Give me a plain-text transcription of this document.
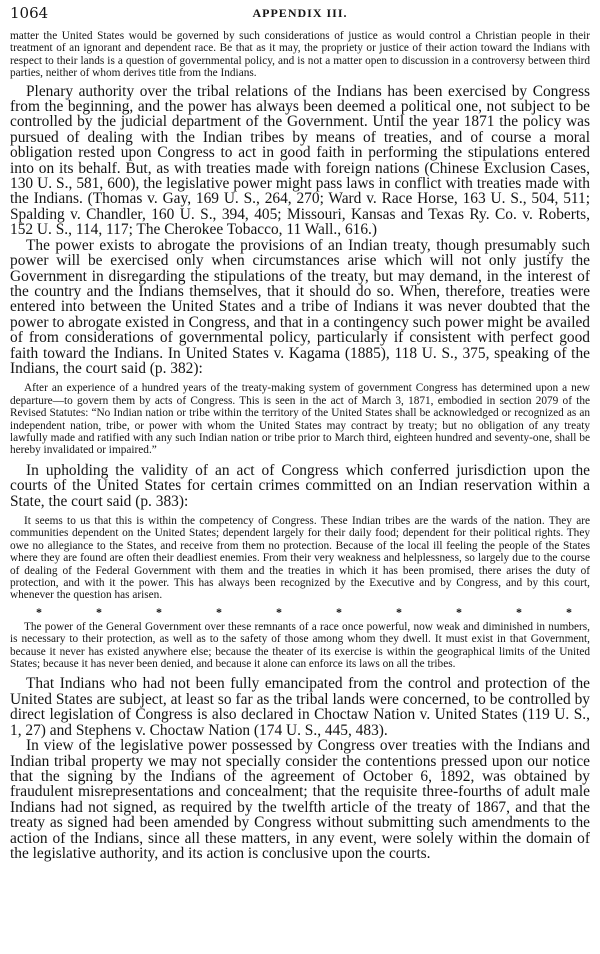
1064	APPENDIX III.

matter the United States would be governed by such considerations of justice as would control a Christian people in their treatment of an ignorant and dependent race. Be that as it may, the propriety or justice of their action toward the Indians with respect to their lands is a question of governmental policy, and is not a matter open to discussion in a controversy between third parties, neither of whom derives title from the Indians.

Plenary authority over the tribal relations of the Indians has been exercised by Congress from the beginning, and the power has always been deemed a political one, not subject to be controlled by the judicial department of the Government. Until the year 1871 the policy was pursued of dealing with the Indian tribes by means of treaties, and of course a moral obligation rested upon Congress to act in good faith in performing the stipulations entered into on its behalf. But, as with treaties made with foreign nations (Chinese Exclusion Cases, 130 U. S., 581, 600), the legislative power might pass laws in conflict with treaties made with the Indians. (Thomas v. Gay, 169 U. S., 264, 270; Ward v. Race Horse, 163 U. S., 504, 511; Spalding v. Chandler, 160 U. S., 394, 405; Missouri, Kansas and Texas Ry. Co. v. Roberts, 152 U. S., 114, 117; The Cherokee Tobacco, 11 Wall., 616.)

The power exists to abrogate the provisions of an Indian treaty, though presumably such power will be exercised only when circumstances arise which will not only justify the Government in disregarding the stipulations of the treaty, but may demand, in the interest of the country and the Indians themselves, that it should do so. When, therefore, treaties were entered into between the United States and a tribe of Indians it was never doubted that the power to abrogate existed in Congress, and that in a contingency such power might be availed of from considerations of governmental policy, particularly if consistent with perfect good faith toward the Indians. In United States v. Kagama (1885), 118 U. S., 375, speaking of the Indians, the court said (p. 382):

After an experience of a hundred years of the treaty-making system of government Congress has determined upon a new departure—to govern them by acts of Congress. This is seen in the act of March 3, 1871, embodied in section 2079 of the Revised Statutes: “No Indian nation or tribe within the territory of the United States shall be acknowledged or recognized as an independent nation, tribe, or power with whom the United States may contract by treaty; but no obligation of any treaty lawfully made and ratified with any such Indian nation or tribe prior to March third, eighteen hundred and seventy-one, shall be hereby invalidated or impaired.”

In upholding the validity of an act of Congress which conferred jurisdiction upon the courts of the United States for certain crimes committed on an Indian reservation within a State, the court said (p. 383):

It seems to us that this is within the competency of Congress. These Indian tribes are the wards of the nation. They are communities dependent on the United States; dependent largely for their daily food; dependent for their political rights. They owe no allegiance to the States, and receive from them no protection. Because of the local ill feeling the people of the States where they are found are often their deadliest enemies. From their very weakness and helplessness, so largely due to the course of dealing of the Federal Government with them and the treaties in which it has been promised, there arises the duty of protection, and with it the power. This has always been recognized by the Executive and by Congress, and by this court, whenever the question has arisen.

*	*	*	*	*	*	*	*	*	*

The power of the General Government over these remnants of a race once powerful, now weak and diminished in numbers, is necessary to their protection, as well as to the safety of those among whom they dwell. It must exist in that Government, because it never has existed anywhere else; because the theater of its exercise is within the geographical limits of the United States; because it has never been denied, and because it alone can enforce its laws on all the tribes.

That Indians who had not been fully emancipated from the control and protection of the United States are subject, at least so far as the tribal lands were concerned, to be controlled by direct legislation of Congress is also declared in Choctaw Nation v. United States (119 U. S., 1, 27) and Stephens v. Choctaw Nation (174 U. S., 445, 483).

In view of the legislative power possessed by Congress over treaties with the Indians and Indian tribal property we may not specially consider the contentions pressed upon our notice that the signing by the Indians of the agreement of October 6, 1892, was obtained by fraudulent misrepresentations and concealment; that the requisite three-fourths of adult male Indians had not signed, as required by the twelfth article of the treaty of 1867, and that the treaty as signed had been amended by Congress without submitting such amendments to the action of the Indians, since all these matters, in any event, were solely within the domain of the legislative authority, and its action is conclusive upon the courts.
